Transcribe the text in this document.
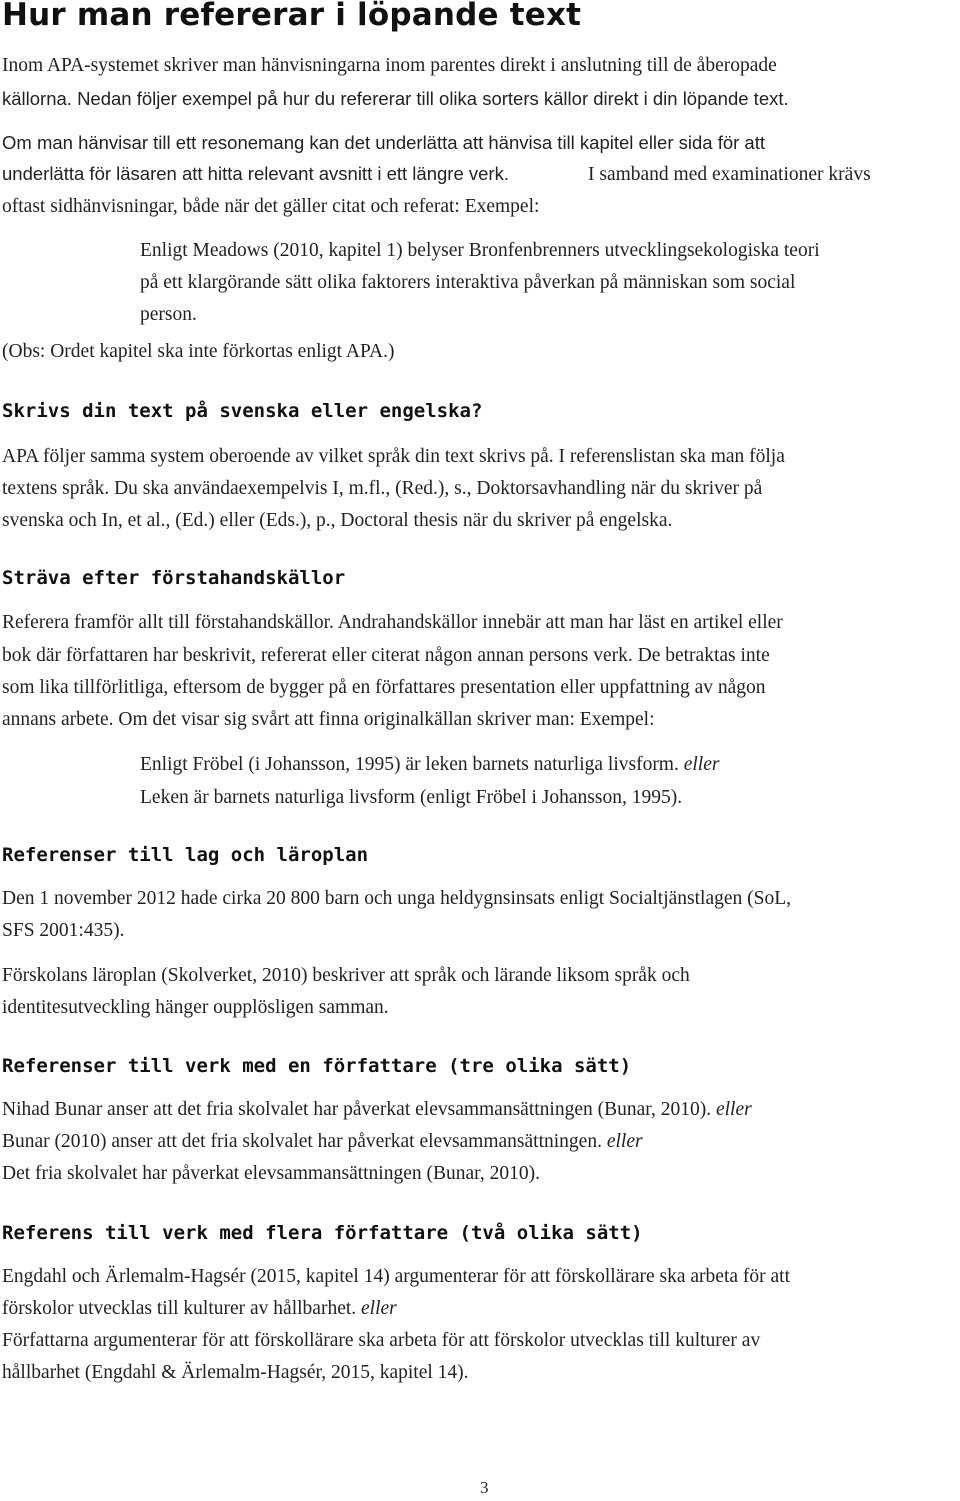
Hur man refererar i löpande text
Inom APA-systemet skriver man hänvisningarna inom parentes direkt i anslutning till de åberopade
källorna. Nedan följer exempel på hur du refererar till olika sorters källor direkt i din löpande text.
Om man hänvisar till ett resonemang kan det underlätta att hänvisa till kapitel eller sida för att
underlätta för läsaren att hitta relevant avsnitt i ett längre verk.	I samband med examinationer krävs
oftast sidhänvisningar, både när det gäller citat och referat: Exempel:
Enligt Meadows (2010, kapitel 1) belyser Bronfenbrenners utvecklingsekologiska teori
på ett klargörande sätt olika faktorers interaktiva påverkan på människan som social
person.
(Obs: Ordet kapitel ska inte förkortas enligt APA.)
Skrivs din text på svenska eller engelska?
APA följer samma system oberoende av vilket språk din text skrivs på. I referenslistan ska man följa
textens språk. Du ska användaexempelvis I, m.fl., (Red.), s., Doktorsavhandling när du skriver på
svenska och In, et al., (Ed.) eller (Eds.), p., Doctoral thesis när du skriver på engelska.
Sträva efter förstahandskällor
Referera framför allt till förstahandskällor. Andrahandskällor innebär att man har läst en artikel eller
bok där författaren har beskrivit, refererat eller citerat någon annan persons verk. De betraktas inte
som lika tillförlitliga, eftersom de bygger på en författares presentation eller uppfattning av någon
annans arbete. Om det visar sig svårt att finna originalkällan skriver man: Exempel:
Enligt Fröbel (i Johansson, 1995) är leken barnets naturliga livsform. eller
Leken är barnets naturliga livsform (enligt Fröbel i Johansson, 1995).
Referenser till lag och läroplan
Den 1 november 2012 hade cirka 20 800 barn och unga heldygnsinsats enligt Socialtjänstlagen (SoL,
SFS 2001:435).
Förskolans läroplan (Skolverket, 2010) beskriver att språk och lärande liksom språk och
identitesutveckling hänger oupplösligen samman.
Referenser till verk med en författare (tre olika sätt)
Nihad Bunar anser att det fria skolvalet har påverkat elevsammansättningen (Bunar, 2010). eller
Bunar (2010) anser att det fria skolvalet har påverkat elevsammansättningen. eller
Det fria skolvalet har påverkat elevsammansättningen (Bunar, 2010).
Referens till verk med flera författare (två olika sätt)
Engdahl och Ärlemalm-Hagsér (2015, kapitel 14) argumenterar för att förskollärare ska arbeta för att
förskolor utvecklas till kulturer av hållbarhet. eller
Författarna argumenterar för att förskollärare ska arbeta för att förskolor utvecklas till kulturer av
hållbarhet (Engdahl & Ärlemalm-Hagsér, 2015, kapitel 14).
3
